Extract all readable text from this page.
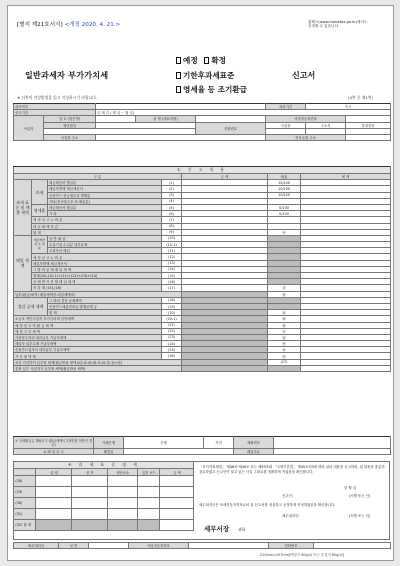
[별지 제21호서식] <개정 2020. 4. 21.>	홈택스(www.hometax.go.kr)에서도
신청할 수 있습니다.
일반과세자 부가가치세
예정 확정
기한후과세표준
영세율 등 조기환급
신고서
※ 뒤쪽의 작성방법을 읽고 작성하시기 바랍니다.	(4쪽 중 제1쪽)
관리번호					처리기간	즉시	
신고기간		년 제 기 ( 월 일 ~ 월 일)					
사업자	상 호 (법인명)		성 명 (대표자명)		사업자등록번호		
	생년월일			전화번호	사업장	주소지	휴대전화

	사업장 주소				전자우편 주소		
① 신 고 내 용						
구 분				금 액	세율	세 액
과세 표준 및 매출 세액	과세	세금계산서 발급분	(1)		10/100	
		매입자발행 세금계산서	(2)		10/100	
		신용카드·현금영수증 발행분	(3)		10/100	
		기타(정규영수증 외 매출분)	(4)			
	영세율	세금계산서 발급분	(5)		0/100	
		기 타	(6)		0/100	
	예 정 신 고 누 락 분		(7)			
	대 손 세 액 가 감		(8)			
	합 계		(9)		㉮	
매입 세액	세금계산서 수 취 분	일 반 매 입	(10)			
		수출기업 수입분 납부유예	(10-1)			
		고정자산 매입	(11)			
	예 정 신 고 누 락 분		(12)			
	매입자발행 세금계산서		(13)			
	그 밖 의 공 제 매 입 세 액		(14)			
	합계(10)-(10-1)+(11)+(12)+(13)+(14)		(15)			
	공 제 받 지 못 할 매 입 세 액		(16)			
	차 감 계 (15)-(16)		(17)		㉯	
납부(환급)세액 (매출세액㉮-매입세액㉯)					㉰	
경감 공제 세액		그 밖의 경감·공제세액	(18)			
		신용카드매출전표등 발행공제 등	(19)			
		합 계	(20)		㉱	
소규모 개인사업자 부가가치세 감면세액			(20-1)		㉲	
예 정 신 고 미 환 급 세 액			(21)		㉳	
예 정 고 지 세 액			(22)		㉴	
사업양수자의 대리납부 기납부세액			(23)		㉵	
매입자 납부특례 기납부세액			(24)		㉶	
신용카드업자의 대리납부 기납부세액			(25)		㉷	
가 산 세 액 계			(26)		㉸	
차감·가감하여 납부할 세액(환급받을 세액)(㉰-㉱-㉲-㉳-㉴-㉵-㉶-㉷+㉸)					(27)	
총괄 납부 사업자가 납부할 세액(환급받을 세액)						
② 국세환급금 계좌신고 (환급세액이 2천만원 미만인 경우)	거래은행	은행	지점	계좌번호	
③ 폐 업 신 고	폐업일			폐업사유	
④ 과 세 표 준 명 세					
	업 태	종 목	생산요소	업종 코드	금 액
(28)					
(29)					
(30)					
(31)					
(32) 합 계					
「부가가치세법」 제48조·제49조 또는 제59조와 「국세기본법」 제45조의3에 따라 위의 내용을 신고하며, 위 내용을 충분히 검토하였고 신고인이 알고 있는 사실 그대로를 정확하게 적었음을 확인합니다.
년 월 일
신고인:	(서명 또는 인)
세무대리인은 조세전문자격자로서 위 신고서를 성실하고 공정하게 작성하였음을 확인합니다.
세무대리인:	(서명 또는 인)
세무서장 귀하
세무대리인	성 명		사업자등록번호		전화번호	
210mm×297mm[백상지 80g/㎡ 또는 중질지 80g/㎡]
